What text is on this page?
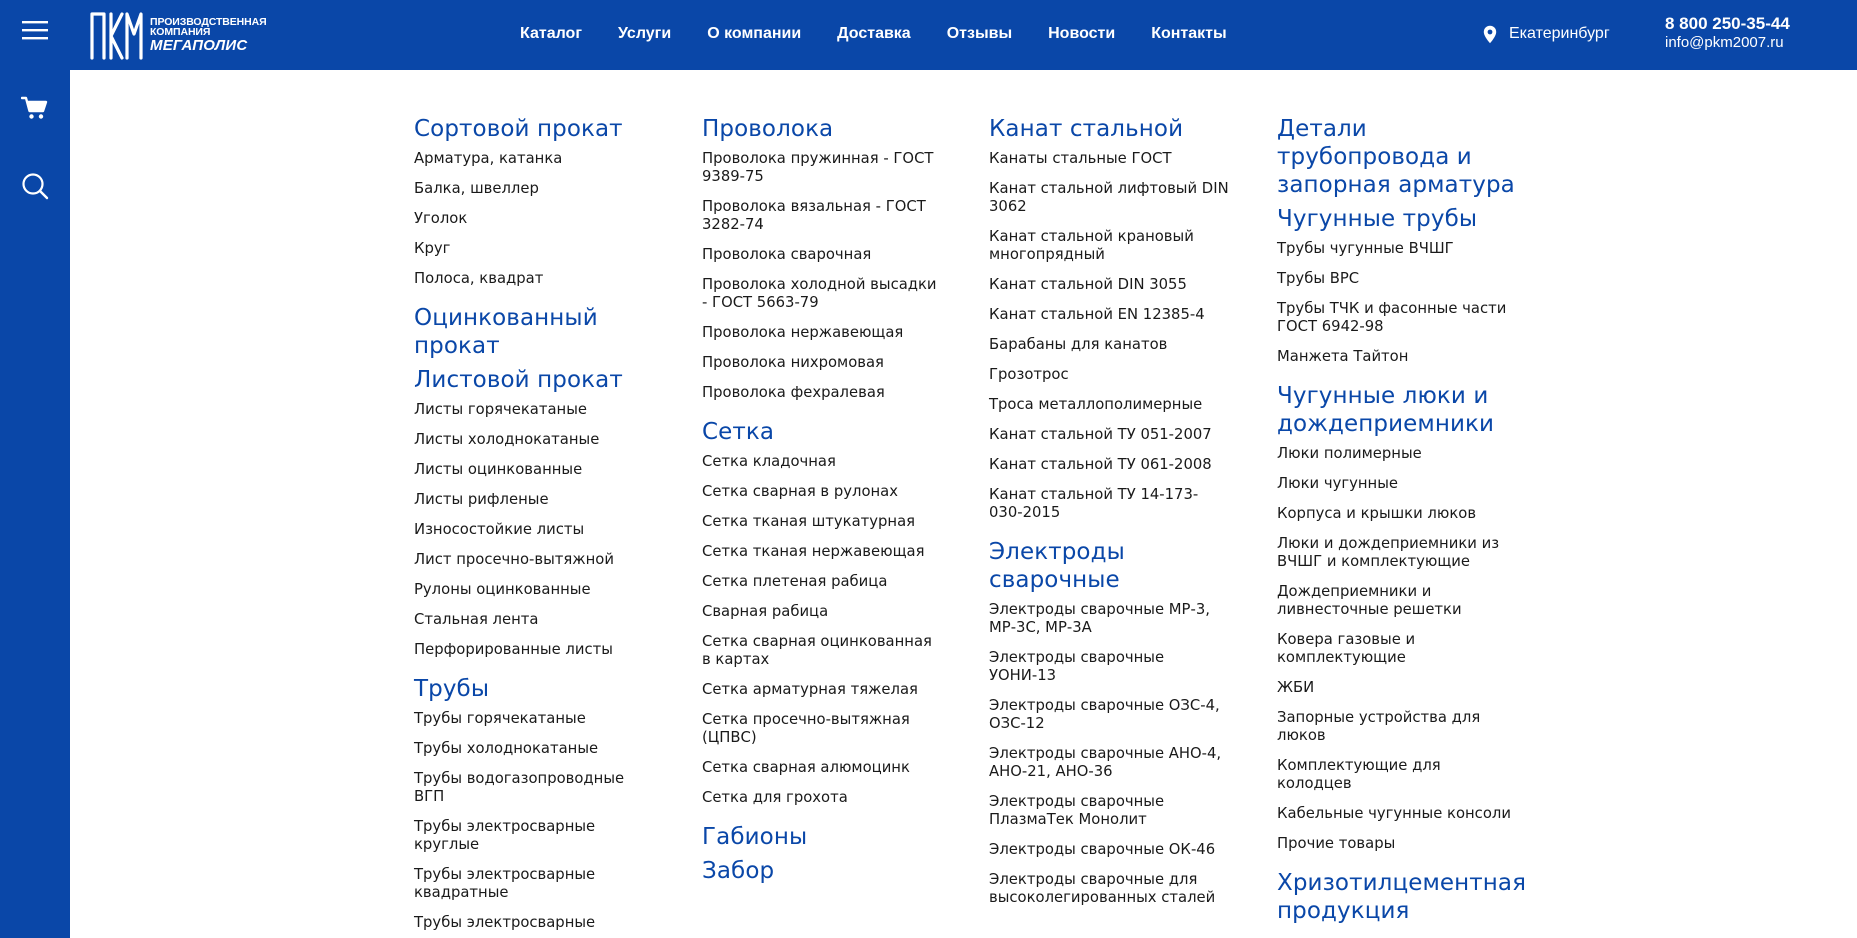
ПРОИЗВОДСТВЕННАЯ
КОМПАНИЯ
МЕГАПОЛИС
Каталог Услуги О компании Доставка Отзывы Новости Контакты	Екатеринбург
8 800 250-35-44
info@pkm2007.ru
Сортовой прокат
Арматура, катанка
Балка, швеллер
Уголок
Круг
Полоса, квадрат
Оцинкованный прокат
Листовой прокат
Листы горячекатаные
Листы холоднокатаные
Листы оцинкованные
Листы рифленые
Износостойкие листы
Лист просечно-вытяжной
Рулоны оцинкованные
Стальная лента
Перфорированные листы
Трубы
Трубы горячекатаные
Трубы холоднокатаные
Трубы водогазопроводные ВГП
Трубы электросварные круглые
Трубы электросварные квадратные
Трубы электросварные
Проволока
Проволока пружинная - ГОСТ 9389-75
Проволока вязальная - ГОСТ 3282-74
Проволока сварочная
Проволока холодной высадки - ГОСТ 5663-79
Проволока нержавеющая
Проволока нихромовая
Проволока фехралевая
Сетка
Сетка кладочная
Сетка сварная в рулонах
Сетка тканая штукатурная
Сетка тканая нержавеющая
Сетка плетеная рабица
Сварная рабица
Сетка сварная оцинкованная в картах
Сетка арматурная тяжелая
Сетка просечно-вытяжная (ЦПВС)
Сетка сварная алюмоцинк
Сетка для грохота
Габионы
Забор
Канат стальной
Канаты стальные ГОСТ
Канат стальной лифтовый DIN 3062
Канат стальной крановый многопрядный
Канат стальной DIN 3055
Канат стальной EN 12385-4
Барабаны для канатов
Грозотрос
Троса металлополимерные
Канат стальной ТУ 051-2007
Канат стальной ТУ 061-2008
Канат стальной ТУ 14-173-030-2015
Электроды сварочные
Электроды сварочные МР-3, МР-3С, МР-3А
Электроды сварочные УОНИ-13
Электроды сварочные ОЗС-4, ОЗС-12
Электроды сварочные АНО-4, АНО-21, АНО-36
Электроды сварочные ПлазмаТек Монолит
Электроды сварочные ОК-46
Электроды сварочные для высоколегированных сталей
Детали трубопровода и запорная арматура
Чугунные трубы
Трубы чугунные ВЧШГ
Трубы ВРС
Трубы ТЧК и фасонные части ГОСТ 6942-98
Манжета Тайтон
Чугунные люки и дождеприемники
Люки полимерные
Люки чугунные
Корпуса и крышки люков
Люки и дождеприемники из ВЧШГ и комплектующие
Дождеприемники и ливнесточные решетки
Ковера газовые и комплектующие
ЖБИ
Запорные устройства для люков
Комплектующие для колодцев
Кабельные чугунные консоли
Прочие товары
Хризотилцементная продукция
